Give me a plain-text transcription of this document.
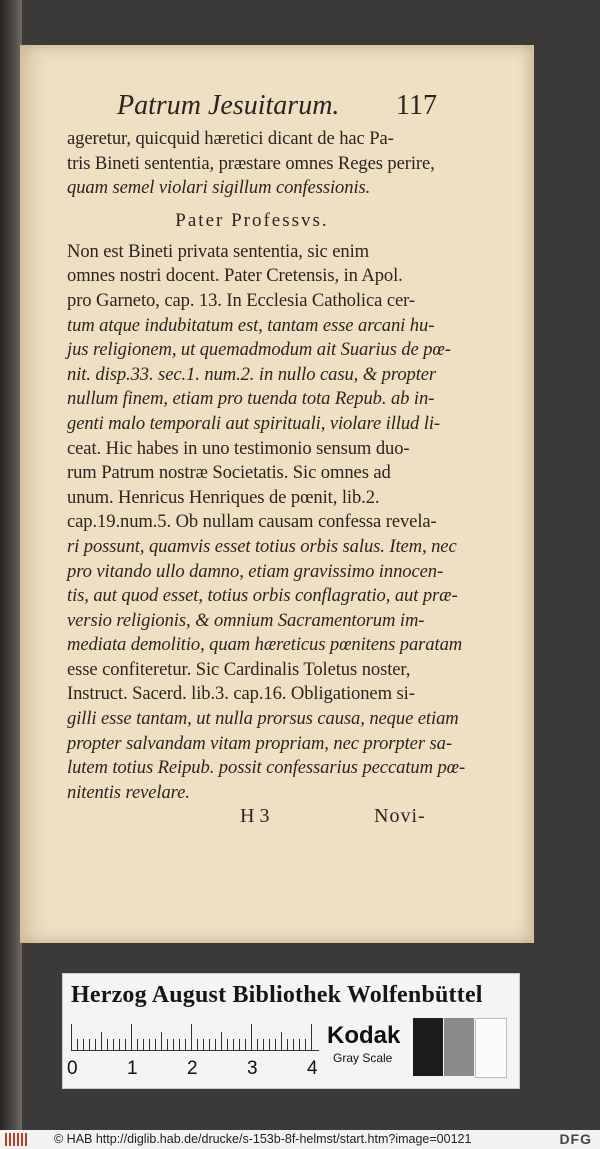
Patrum Jesuitarum. 117
ageretur, quicquid hæretici dicant de hac Pa-
tris Bineti sententia, præstare omnes Reges perire,
quam semel violari sigillum confessionis.
Pater Professvs.
Non est Bineti privata sententia, sic enim
omnes nostri docent. Pater Cretensis, in Apol.
pro Garneto, cap. 13. In Ecclesia Catholica cer-
tum atque indubitatum est, tantam esse arcani hu-
jus religionem, ut quemadmodum ait Suarius de pœ-
nit. disp.33. sec.1. num.2. in nullo casu, & propter
nullum finem, etiam pro tuenda tota Repub. ab in-
genti malo temporali aut spirituali, violare illud li-
ceat. Hic habes in uno testimonio sensum duo-
rum Patrum nostræ Societatis. Sic omnes ad
unum. Henricus Henriques de pœnit, lib.2.
cap.19.num.5. Ob nullam causam confessa revela-
ri possunt, quamvis esset totius orbis salus. Item, nec
pro vitando ullo damno, etiam gravissimo innocen-
tis, aut quod esset, totius orbis conflagratio, aut præ-
versio religionis, & omnium Sacramentorum im-
mediata demolitio, quam hæreticus pœnitens paratam
esse confiteretur. Sic Cardinalis Toletus noster,
Instruct. Sacerd. lib.3. cap.16. Obligationem si-
gilli esse tantam, ut nulla prorsus causa, neque etiam
propter salvandam vitam propriam, nec prorpter sa-
lutem totius Reipub. possit confessarius peccatum pœ-
nitentis revelare.
H 3	Novi-
Herzog August Bibliothek Wolfenbüttel
0	1	2	3	4
Kodak
Gray Scale
© HAB http://diglib.hab.de/drucke/s-153b-8f-helmst/start.htm?image=00121	DFG
